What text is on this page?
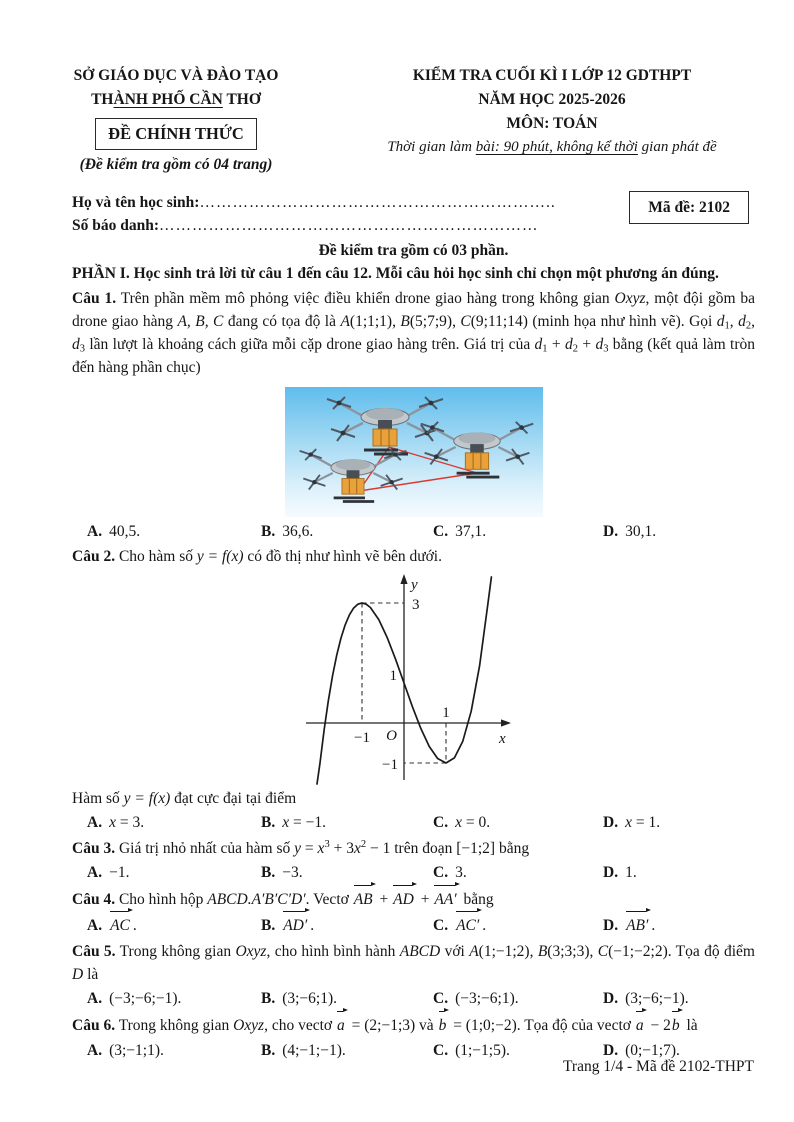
SỞ GIÁO DỤC VÀ ĐÀO TẠO
THÀNH PHỐ CẦN THƠ
ĐỀ CHÍNH THỨC
(Đề kiểm tra gồm có 04 trang)
KIỂM TRA CUỐI KÌ I LỚP 12 GDTHPT
NĂM HỌC 2025-2026
MÔN: TOÁN
Thời gian làm bài: 90 phút, không kể thời gian phát đề
Họ và tên học sinh:………………………………………………………..
Số báo danh:……………………………………………………………
Mã đề: 2102
Đề kiểm tra gồm có 03 phần.
PHẦN I. Học sinh trả lời từ câu 1 đến câu 12. Mỗi câu hỏi học sinh chỉ chọn một phương án đúng.

Câu 1. Trên phần mềm mô phỏng việc điều khiển drone giao hàng trong không gian Oxyz, một đội gồm ba drone giao hàng A, B, C đang có tọa độ là A(1;1;1), B(5;7;9), C(9;11;14) (minh họa như hình vẽ). Gọi $d_1$, $d_2$, $d_3$ lần lượt là khoảng cách giữa mỗi cặp drone giao hàng trên. Giá trị của $d_1 + d_2 + d_3$ bằng (kết quả làm tròn đến hàng phần chục)

A. 40,5.	B. 36,6.	C. 37,1.	D. 30,1.

Câu 2. Cho hàm số y = f(x) có đồ thị như hình vẽ bên dưới.

y
x
O
3
1
−1
1
−1

Hàm số y = f(x) đạt cực đại tại điểm

A. x = 3.	B. x = −1.	C. x = 0.	D. x = 1.

Câu 3. Giá trị nhỏ nhất của hàm số $y = x^3 + 3x^2 - 1$ trên đoạn [−1;2] bằng

A. −1.	B. −3.	C. 3.	D. 1.

Câu 4. Cho hình hộp ABCD.A′B′C′D′. Vectơ AB + AD + AA′ bằng

A. AC .	B. AD′ .	C. AC′ .	D. AB′ .

Câu 5. Trong không gian Oxyz, cho hình bình hành ABCD với A(1;−1;2), B(3;3;3), C(−1;−2;2). Tọa độ điểm D là

A. (−3;−6;−1).	B. (3;−6;1).	C. (−3;−6;1).	D. (3;−6;−1).

Câu 6. Trong không gian Oxyz, cho vectơ a = (2;−1;3) và b = (1;0;−2). Tọa độ của vectơ a − 2b là

A. (3;−1;1).	B. (4;−1;−1).	C. (1;−1;5).	D. (0;−1;7).
Trang 1/4 - Mã đề 2102-THPT
